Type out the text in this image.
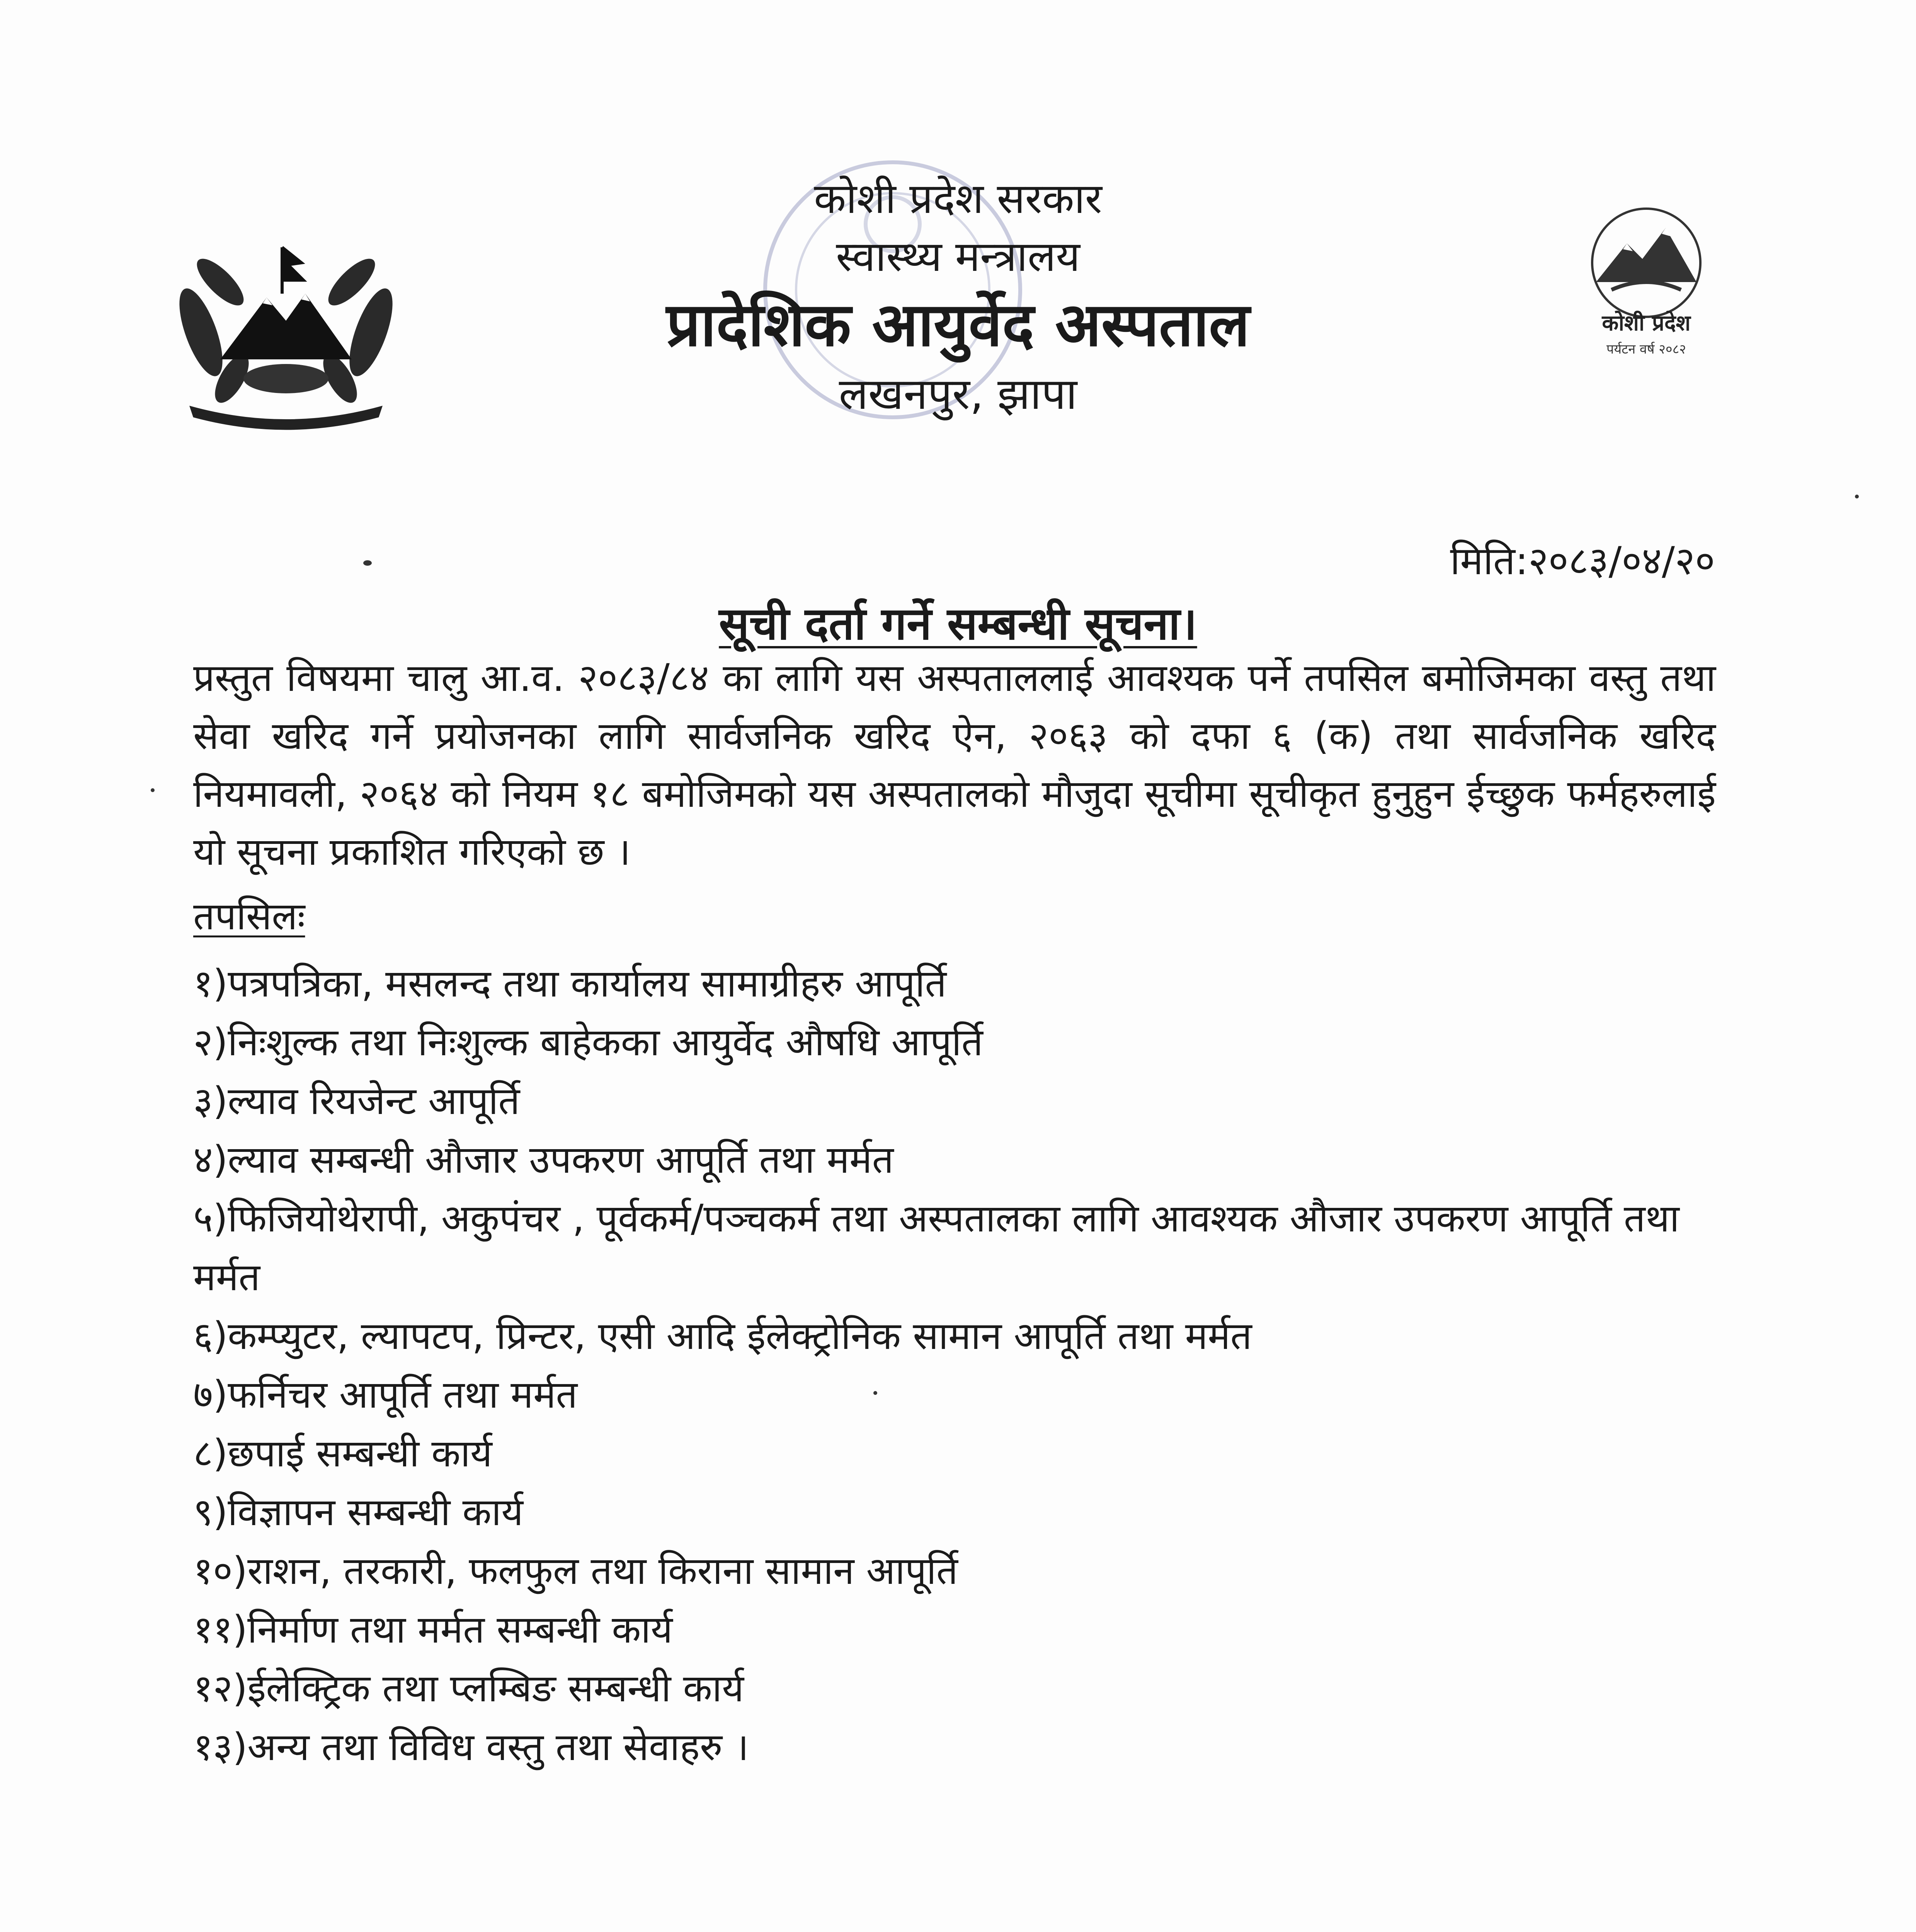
कोशी प्रदेश
पर्यटन वर्ष २०८२
कोशी प्रदेश सरकार
स्वास्थ्य मन्त्रालय
प्रादेशिक आयुर्वेद अस्पताल
लखनपुर, झापा
मिति:२०८३/०४/२०
सूची दर्ता गर्ने सम्बन्धी सूचना।
प्रस्तुत विषयमा चालु आ.व. २०८३/८४ का लागि यस अस्पताललाई आवश्यक पर्ने तपसिल बमोजिमका वस्तु तथा सेवा खरिद गर्ने प्रयोजनका लागि सार्वजनिक खरिद ऐन, २०६३ को दफा ६ (क) तथा सार्वजनिक खरिद नियमावली, २०६४ को नियम १८ बमोजिमको यस अस्पतालको मौजुदा सूचीमा सूचीकृत हुनुहुन ईच्छुक फर्महरुलाई यो सूचना प्रकाशित गरिएको छ ।
तपसिलः
१)पत्रपत्रिका, मसलन्द तथा कार्यालय सामाग्रीहरु आपूर्ति
२)निःशुल्क तथा निःशुल्क बाहेकका आयुर्वेद औषधि आपूर्ति
३)ल्याव रियजेन्ट आपूर्ति
४)ल्याव सम्बन्धी औजार उपकरण आपूर्ति तथा मर्मत
५)फिजियोथेरापी, अकुपंचर , पूर्वकर्म/पञ्चकर्म तथा अस्पतालका लागि आवश्यक औजार उपकरण आपूर्ति तथा मर्मत
६)कम्प्युटर, ल्यापटप, प्रिन्टर, एसी आदि ईलेक्ट्रोनिक सामान आपूर्ति तथा मर्मत
७)फर्निचर आपूर्ति तथा मर्मत
८)छपाई सम्बन्धी कार्य
९)विज्ञापन सम्बन्धी कार्य
१०)राशन, तरकारी, फलफुल तथा किराना सामान आपूर्ति
११)निर्माण तथा मर्मत सम्बन्धी कार्य
१२)ईलेक्ट्रिक तथा प्लम्बिङ सम्बन्धी कार्य
१३)अन्य तथा विविध वस्तु तथा सेवाहरु ।
